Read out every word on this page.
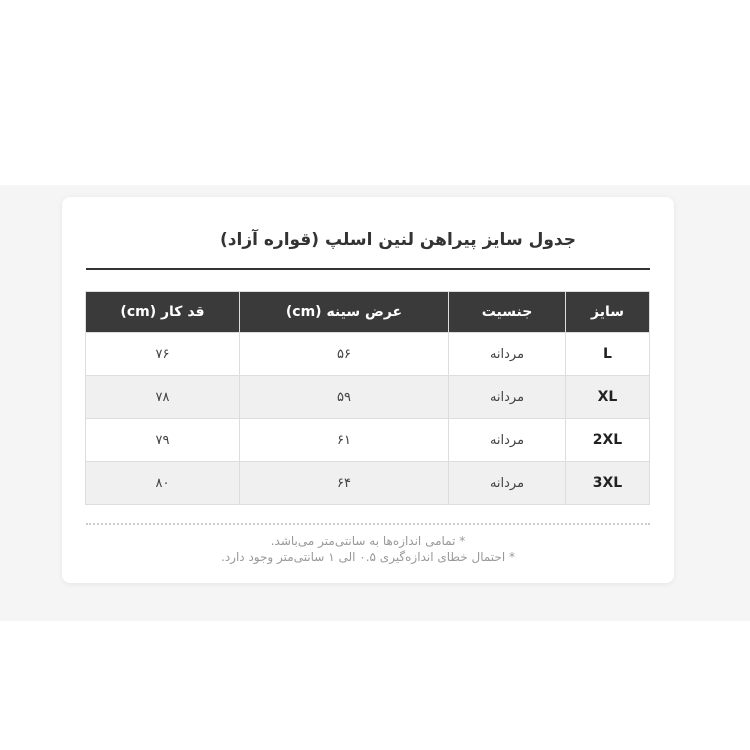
جدول سایز پیراهن لنین اسلپ (قواره آزاد)
سایز	جنسیت	عرض سینه (cm)	قد کار (cm)
L	مردانه	۵۶	۷۶
XL	مردانه	۵۹	۷۸
2XL	مردانه	۶۱	۷۹
3XL	مردانه	۶۴	۸۰

* تمامی اندازه‌ها به سانتی‌متر می‌باشد.

* احتمال خطای اندازه‌گیری ۰.۵ الی ۱ سانتی‌متر وجود دارد.
